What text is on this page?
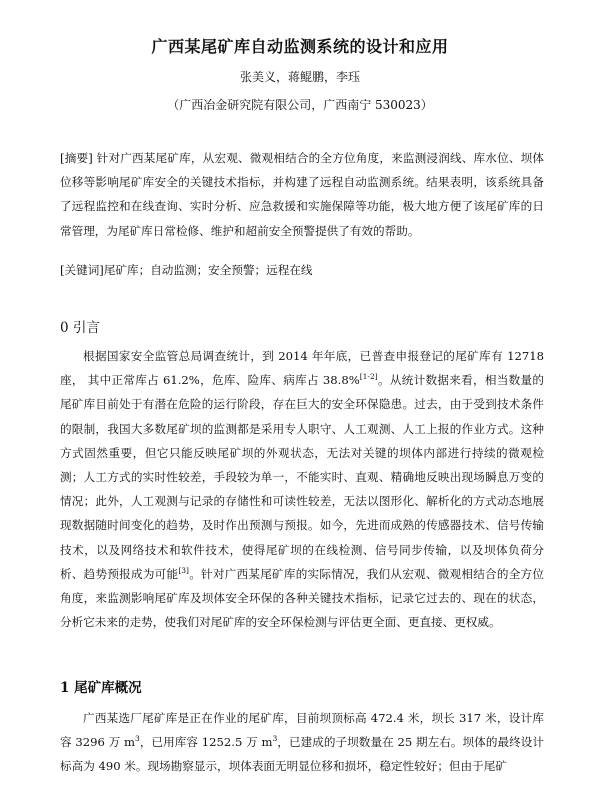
广西某尾矿库自动监测系统的设计和应用
张美义，蒋鲲鹏，李珏
（广西冶金研究院有限公司，广西南宁 530023）
[摘要] 针对广西某尾矿库，从宏观、微观相结合的全方位角度，来监测浸润线、库水位、坝体位移等影响尾矿库安全的关键技术指标，并构建了远程自动监测系统。结果表明，该系统具备了远程监控和在线查询、实时分析、应急救援和实施保障等功能，极大地方便了该尾矿库的日常管理，为尾矿库日常检修、维护和超前安全预警提供了有效的帮助。
[关键词]尾矿库；自动监测；安全预警；远程在线
0 引言
根据国家安全监管总局调查统计，到 2014 年年底，已普查申报登记的尾矿库有 12718 座， 其中正常库占 61.2%，危库、险库、病库占 38.8%[1-2]。从统计数据来看，相当数量的尾矿库目前处于有潜在危险的运行阶段，存在巨大的安全环保隐患。过去，由于受到技术条件的限制，我国大多数尾矿坝的监测都是采用专人职守、人工观测、人工上报的作业方式。这种方式固然重要，但它只能反映尾矿坝的外观状态，无法对关键的坝体内部进行持续的微观检测；人工方式的实时性较差，手段较为单一，不能实时、直观、精确地反映出现场瞬息万变的情况；此外，人工观测与记录的存储性和可读性较差，无法以图形化、解析化的方式动态地展现数据随时间变化的趋势，及时作出预测与预报。如今，先进而成熟的传感器技术、信号传输技术，以及网络技术和软件技术，使得尾矿坝的在线检测、信号同步传输，以及坝体负荷分析、趋势预报成为可能[3]。针对广西某尾矿库的实际情况，我们从宏观、微观相结合的全方位角度，来监测影响尾矿库及坝体安全环保的各种关键技术指标，记录它过去的、现在的状态，分析它未来的走势，使我们对尾矿库的安全环保检测与评估更全面、更直接、更权威。
1 尾矿库概况
广西某选厂尾矿库是正在作业的尾矿库，目前坝顶标高 472.4 米，坝长 317 米，设计库容 3296 万 $m^3$，已用库容 1252.5 万 $m^3$，已建成的子坝数量在 25 期左右。坝体的最终设计标高为 490 米。现场勘察显示，坝体表面无明显位移和损坏，稳定性较好；但由于尾矿
